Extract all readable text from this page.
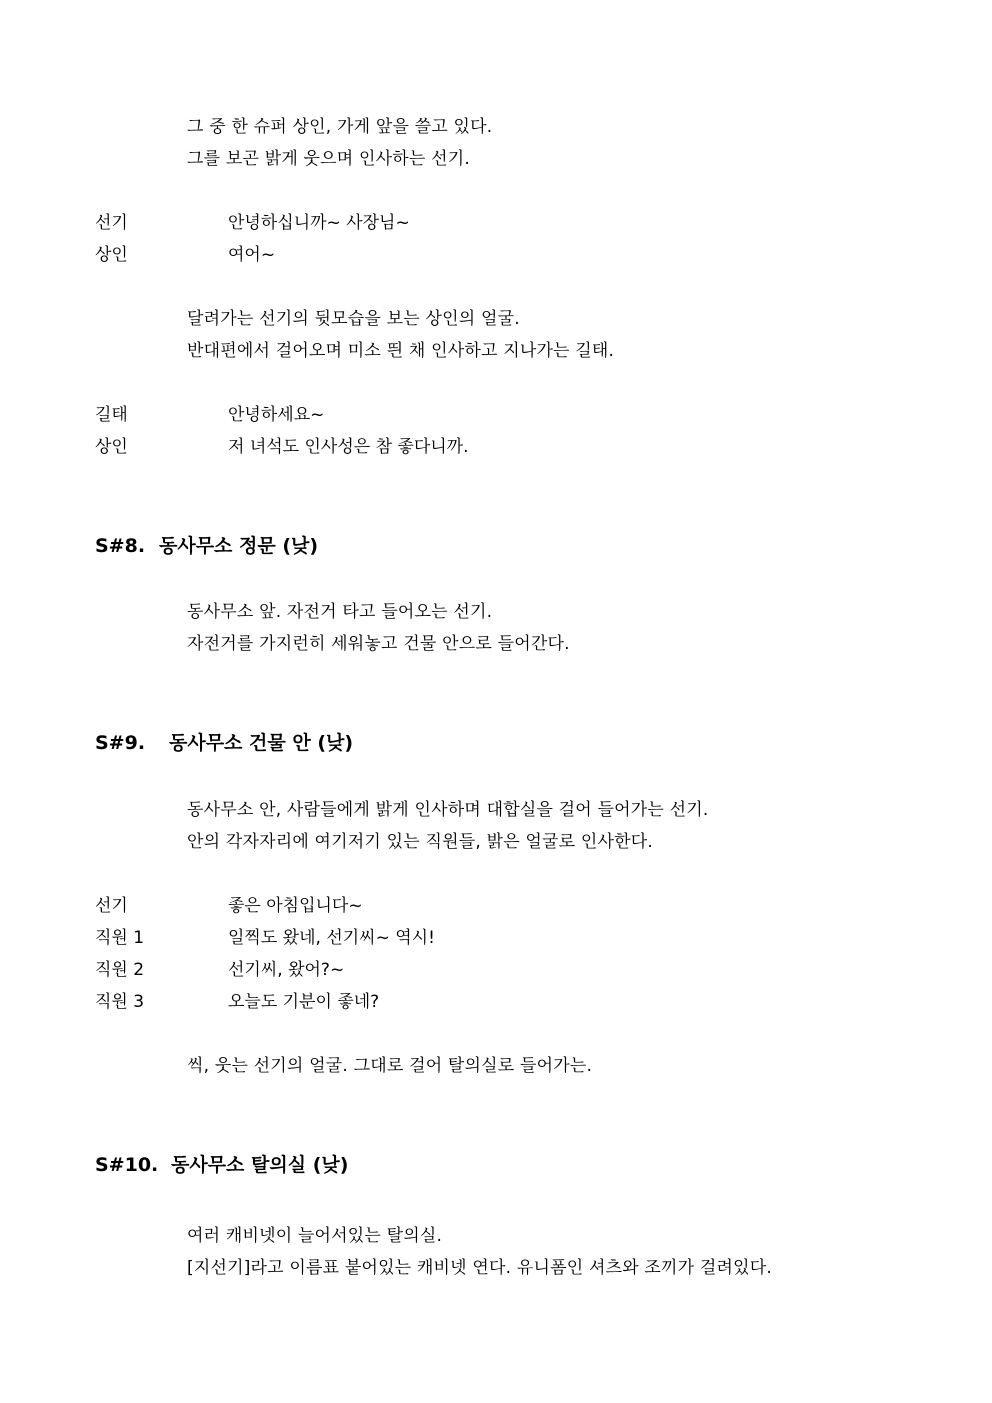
그 중 한 슈퍼 상인, 가게 앞을 쓸고 있다.

그를 보곤 밝게 웃으며 인사하는 선기.

선기	안녕하십니까~ 사장님~
상인	여어~

달려가는 선기의 뒷모습을 보는 상인의 얼굴.

반대편에서 걸어오며 미소 띈 채 인사하고 지나가는 길태.

길태	안녕하세요~
상인	저 녀석도 인사성은 참 좋다니까.
S#8. 동사무소 정문 (낮)

동사무소 앞. 자전거 타고 들어오는 선기.

자전거를 가지런히 세워놓고 건물 안으로 들어간다.

S#9.	동사무소 건물 안 (낮)

동사무소 안, 사람들에게 밝게 인사하며 대합실을 걸어 들어가는 선기.

안의 각자자리에 여기저기 있는 직원들, 밝은 얼굴로 인사한다.

선기	좋은 아침입니다~
직원 1	일찍도 왔네, 선기씨~ 역시!
직원 2	선기씨, 왔어?~
직원 3	오늘도 기분이 좋네?

씩, 웃는 선기의 얼굴. 그대로 걸어 탈의실로 들어가는.

S#10. 동사무소 탈의실 (낮)

여러 캐비넷이 늘어서있는 탈의실.

[지선기]라고 이름표 붙어있는 캐비넷 연다. 유니폼인 셔츠와 조끼가 걸려있다.
